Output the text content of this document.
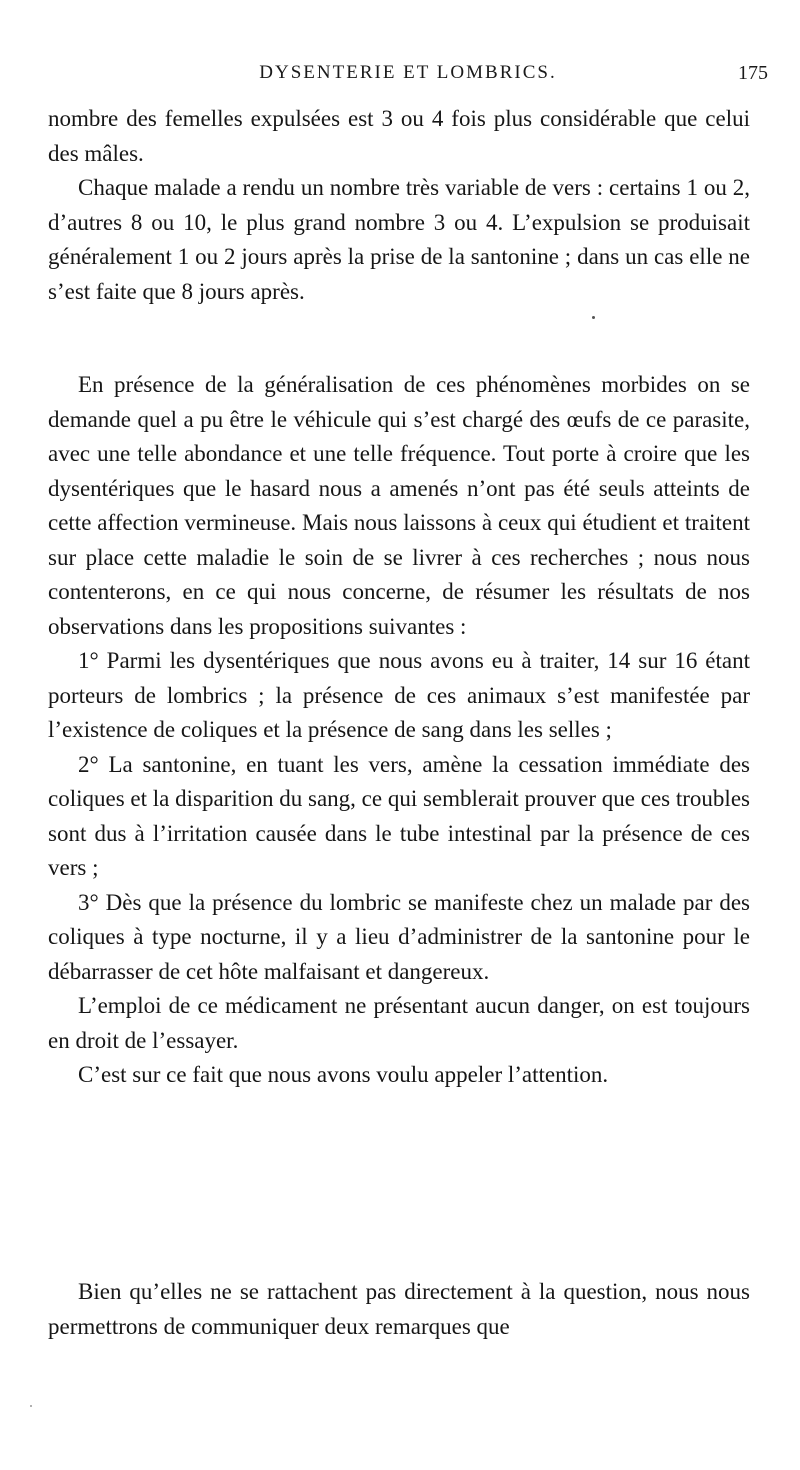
DYSENTERIE ET LOMBRICS.	175

nombre des femelles expulsées est 3 ou 4 fois plus considérable que celui des mâles.

Chaque malade a rendu un nombre très variable de vers : certains 1 ou 2, d’autres 8 ou 10, le plus grand nombre 3 ou 4. L’expulsion se produisait généralement 1 ou 2 jours après la prise de la santonine ; dans un cas elle ne s’est faite que 8 jours après.

En présence de la généralisation de ces phénomènes morbides on se demande quel a pu être le véhicule qui s’est chargé des œufs de ce parasite, avec une telle abondance et une telle fréquence. Tout porte à croire que les dysentériques que le hasard nous a amenés n’ont pas été seuls atteints de cette affection vermineuse. Mais nous laissons à ceux qui étudient et traitent sur place cette maladie le soin de se livrer à ces recherches ; nous nous contenterons, en ce qui nous concerne, de résumer les résultats de nos observations dans les propositions suivantes :

1° Parmi les dysentériques que nous avons eu à traiter, 14 sur 16 étant porteurs de lombrics ; la présence de ces animaux s’est manifestée par l’existence de coliques et la présence de sang dans les selles ;

2° La santonine, en tuant les vers, amène la cessation immédiate des coliques et la disparition du sang, ce qui semblerait prouver que ces troubles sont dus à l’irritation causée dans le tube intestinal par la présence de ces vers ;

3° Dès que la présence du lombric se manifeste chez un malade par des coliques à type nocturne, il y a lieu d’administrer de la santonine pour le débarrasser de cet hôte malfaisant et dangereux.

L’emploi de ce médicament ne présentant aucun danger, on est toujours en droit de l’essayer.

C’est sur ce fait que nous avons voulu appeler l’attention.

Bien qu’elles ne se rattachent pas directement à la question, nous nous permettrons de communiquer deux remarques que
